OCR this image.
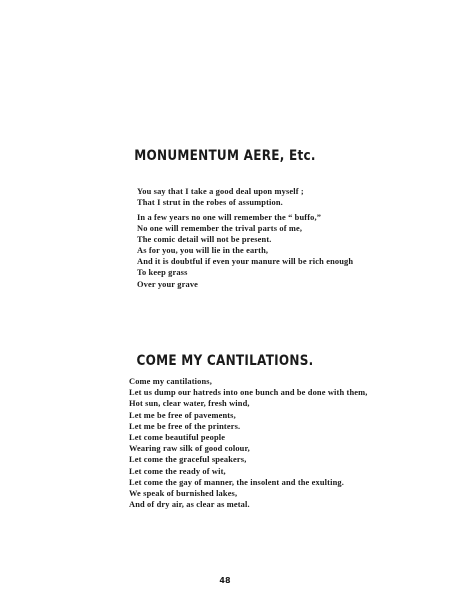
MONUMENTUM AERE, Etc.
You say that I take a good deal upon myself ;
That I strut in the robes of assumption.
In a few years no one will remember the “ buffo,”
No one will remember the trival parts of me,
The comic detail will not be present.
As for you, you will lie in the earth,
And it is doubtful if even your manure will be rich enough
To keep grass
Over your grave
COME MY CANTILATIONS.
Come my cantilations,
Let us dump our hatreds into one bunch and be done with them,
Hot sun, clear water, fresh wind,
Let me be free of pavements,
Let me be free of the printers.
Let come beautiful people
Wearing raw silk of good colour,
Let come the graceful speakers,
Let come the ready of wit,
Let come the gay of manner, the insolent and the exulting.
We speak of burnished lakes,
And of dry air, as clear as metal.

48
